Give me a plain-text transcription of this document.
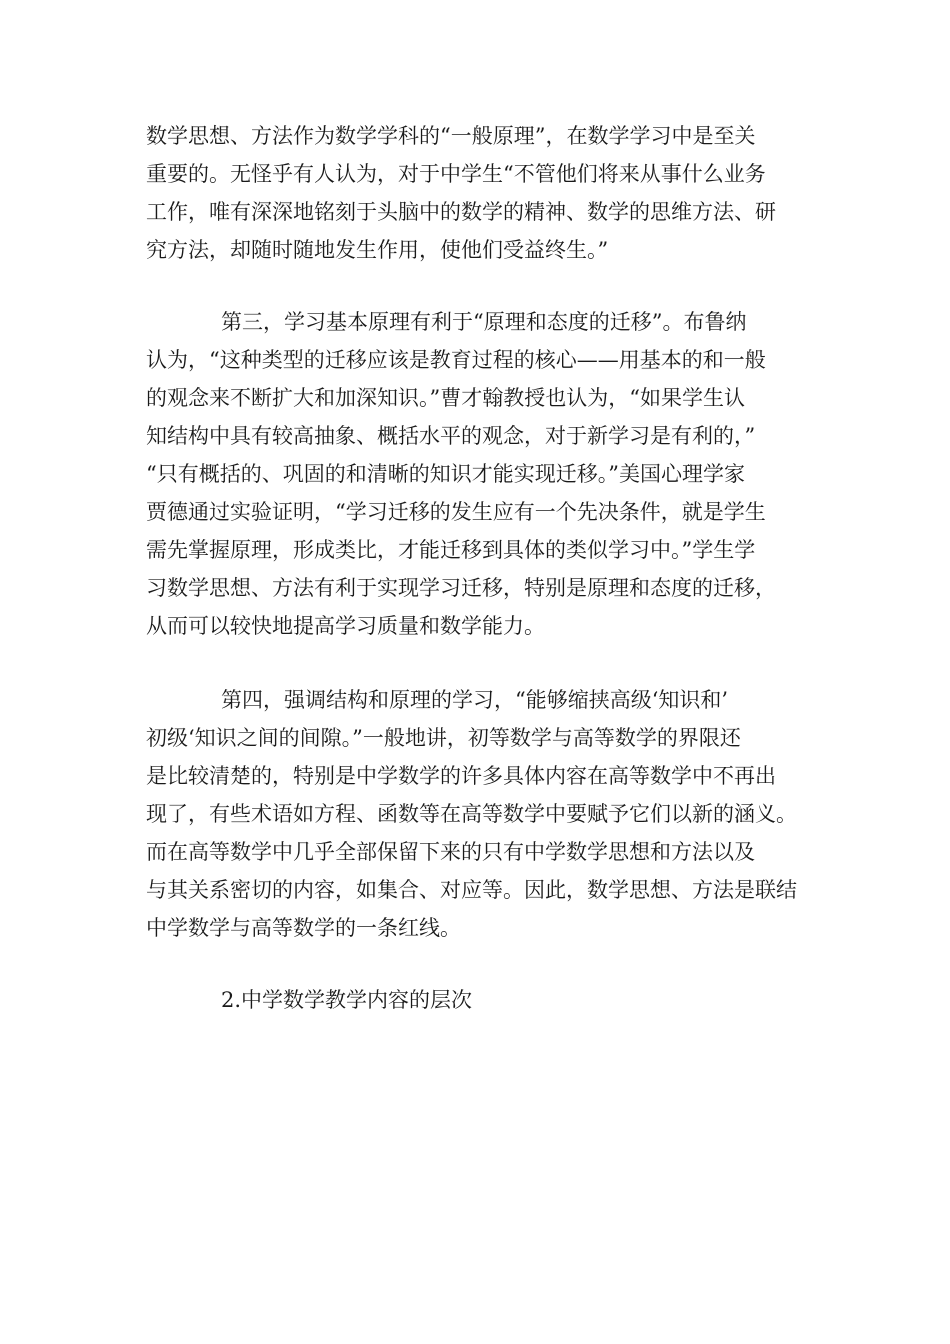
数学思想、方法作为数学学科的“一般原理”，在数学学习中是至关
重要的。无怪乎有人认为，对于中学生“不管他们将来从事什么业务
工作，唯有深深地铭刻于头脑中的数学的精神、数学的思维方法、研
究方法，却随时随地发生作用，使他们受益终生。”
第三，学习基本原理有利于“原理和态度的迁移”。布鲁纳
认为，“这种类型的迁移应该是教育过程的核心——用基本的和一般
的观念来不断扩大和加深知识。”曹才翰教授也认为，“如果学生认
知结构中具有较高抽象、概括水平的观念，对于新学习是有利的，”
“只有概括的、巩固的和清晰的知识才能实现迁移。”美国心理学家
贾德通过实验证明，“学习迁移的发生应有一个先决条件，就是学生
需先掌握原理，形成类比，才能迁移到具体的类似学习中。”学生学
习数学思想、方法有利于实现学习迁移，特别是原理和态度的迁移，
从而可以较快地提高学习质量和数学能力。
第四，强调结构和原理的学习，“能够缩挟高级‘知识和’
初级‘知识之间的间隙。”一般地讲，初等数学与高等数学的界限还
是比较清楚的，特别是中学数学的许多具体内容在高等数学中不再出
现了，有些术语如方程、函数等在高等数学中要赋予它们以新的涵义。
而在高等数学中几乎全部保留下来的只有中学数学思想和方法以及
与其关系密切的内容，如集合、对应等。因此，数学思想、方法是联结
中学数学与高等数学的一条红线。
2.中学数学教学内容的层次
